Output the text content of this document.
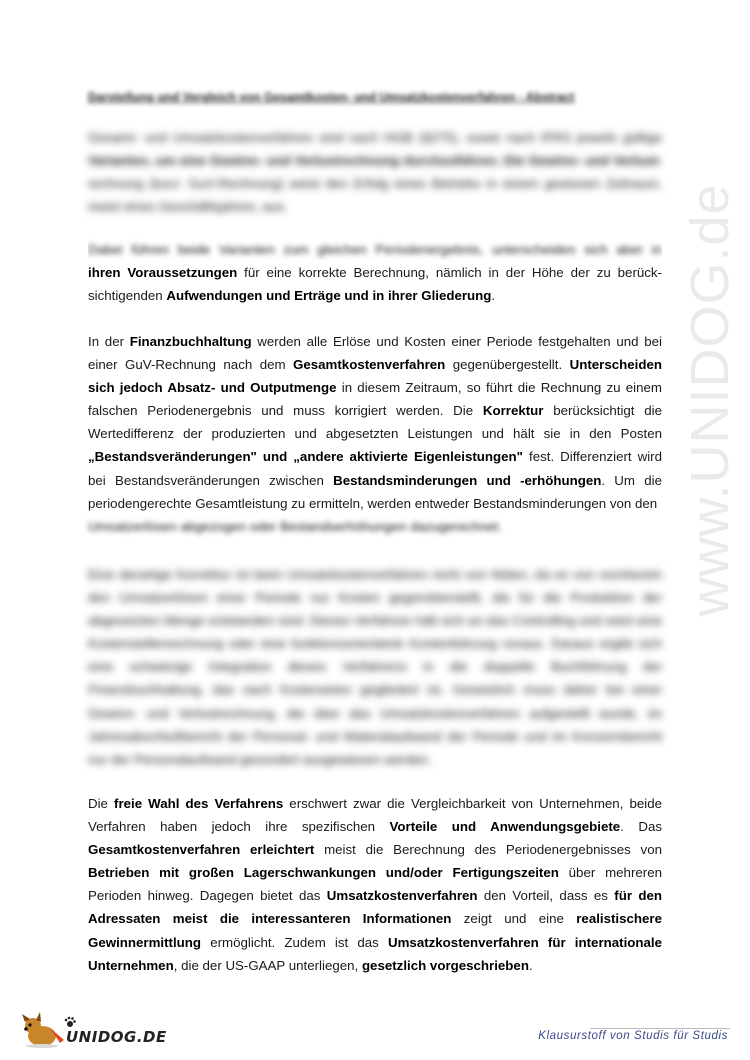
www.UNIDOG.de
Darstellung und Vergleich von Gesamtkosten- und Umsatzkostenverfahren - Abstract

Gesamt- und Umsatzkostenverfahren sind nach HGB (§275), sowie nach IFRS jeweils gültige
Varianten, um eine Gewinn- und Verlustrechnung durchzuführen. Die Gewinn- und Verlust-
rechnung (kurz: GuV-Rechnung) weist den Erfolg eines Betriebs in einem gewissen Zeitraum,
meist eines Geschäftsjahres, aus.

Dabei führen beide Varianten zum gleichen Periodenergebnis, unterscheiden sich aber in

ihren Voraussetzungen für eine korrekte Berechnung, nämlich in der Höhe der zu berück-
sichtigenden Aufwendungen und Erträge und in ihrer Gliederung.

In der Finanzbuchhaltung werden alle Erlöse und Kosten einer Periode festgehalten und bei einer GuV-Rechnung nach dem Gesamtkostenverfahren gegenübergestellt. Unterscheiden sich jedoch Absatz- und Outputmenge in diesem Zeitraum, so führt die Rechnung zu einem falschen Periodenergebnis und muss korrigiert werden. Die Korrektur berücksichtigt die Wertedifferenz der produzierten und abgesetzten Leistungen und hält sie in den Posten „Bestandsveränderungen" und „andere aktivierte Eigenleistungen" fest. Differenziert wird bei Bestandsveränderungen zwischen Bestandsminderungen und -erhöhungen. Um die periodengerechte Gesamtleistung zu ermitteln, werden entweder Bestandsminderungen von den
Umsatzerlösen abgezogen oder Bestandserhöhungen dazugerechnet.

Eine derartige Korrektur ist beim Umsatzkostenverfahren nicht von Nöten, da es von vornherein den Umsatzerlösen einer Periode nur Kosten gegenüberstellt, die für die Produktion der abgesetzten Menge entstanden sind. Dieses Verfahren hält sich an das Controlling und setzt eine Kostenstellenrechnung oder eine funktionsorientierte Kontenführung voraus. Daraus ergibt sich eine schwierige Integration dieses Verfahrens in die doppelte Buchführung der Finanzbuchhaltung, das nach Kostenarten gegliedert ist. Gesetzlich muss daher bei einer Gewinn- und Verlustrechnung, die über das Umsatzkostenverfahren aufgestellt wurde, im Jahresabschlußbericht der Personal- und Materialaufwand der Periode und im Konzernbericht nur der Personalaufwand gesondert ausgewiesen werden.

Die freie Wahl des Verfahrens erschwert zwar die Vergleichbarkeit von Unternehmen, beide Verfahren haben jedoch ihre spezifischen Vorteile und Anwendungsgebiete. Das Gesamtkostenverfahren erleichtert meist die Berechnung des Periodenergebnisses von Betrieben mit großen Lagerschwankungen und/oder Fertigungszeiten über mehreren Perioden hinweg. Dagegen bietet das Umsatzkostenverfahren den Vorteil, dass es für den Adressaten meist die interessanteren Informationen zeigt und eine realistischere Gewinnermittlung ermöglicht. Zudem ist das Umsatzkostenverfahren für internationale Unternehmen, die der US-GAAP unterliegen, gesetzlich vorgeschrieben.

UNIDOG.DE	Klausurstoff von Studis für Studis
